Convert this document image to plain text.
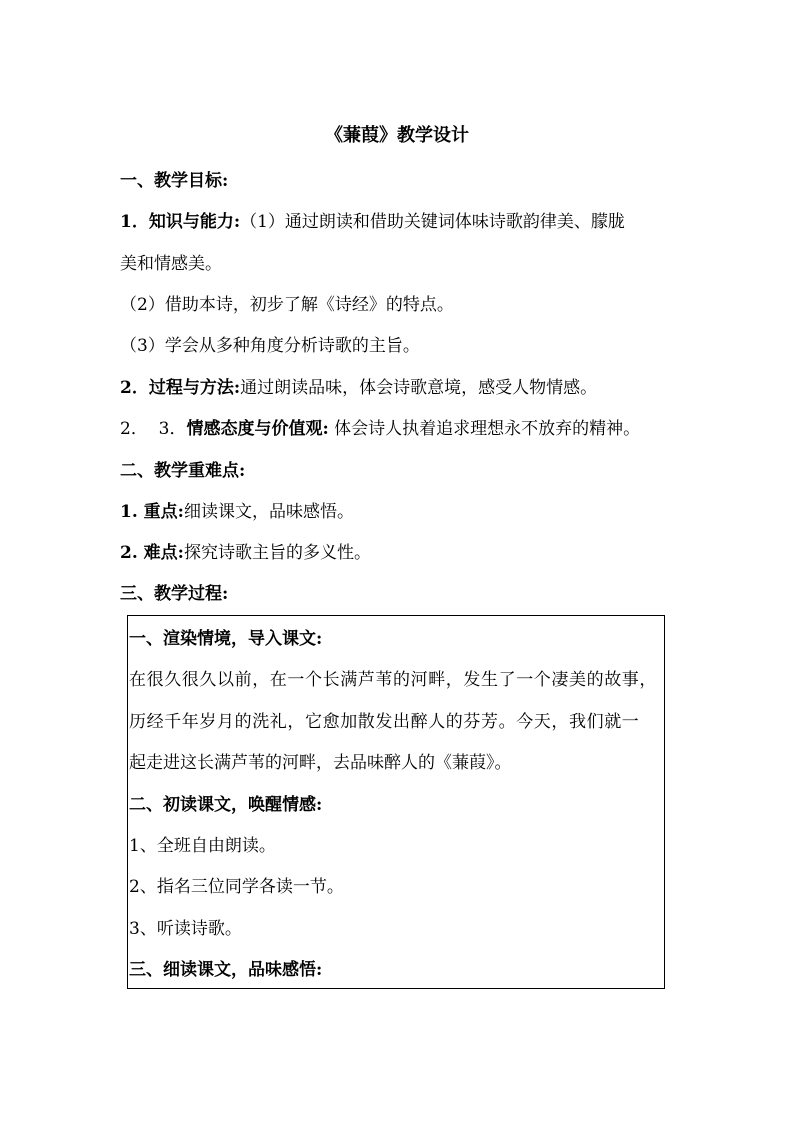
《蒹葭》教学设计
一、教学目标:
1．知识与能力:（1）通过朗读和借助关键词体味诗歌韵律美、朦胧
美和情感美。
（2）借助本诗，初步了解《诗经》的特点。
（3）学会从多种角度分析诗歌的主旨。
2．过程与方法:通过朗读品味，体会诗歌意境，感受人物情感。
2．  3．情感态度与价值观: 体会诗人执着追求理想永不放弃的精神。
二、教学重难点:
1. 重点:细读课文，品味感悟。
2. 难点:探究诗歌主旨的多义性。
三、教学过程:
一、渲染情境，导入课文:
在很久很久以前，在一个长满芦苇的河畔，发生了一个凄美的故事，
历经千年岁月的洗礼，它愈加散发出醉人的芬芳。今天，我们就一
起走进这长满芦苇的河畔，去品味醉人的《蒹葭》。
二、初读课文，唤醒情感:
1、全班自由朗读。
2、指名三位同学各读一节。
3、听读诗歌。
三、细读课文，品味感悟:
